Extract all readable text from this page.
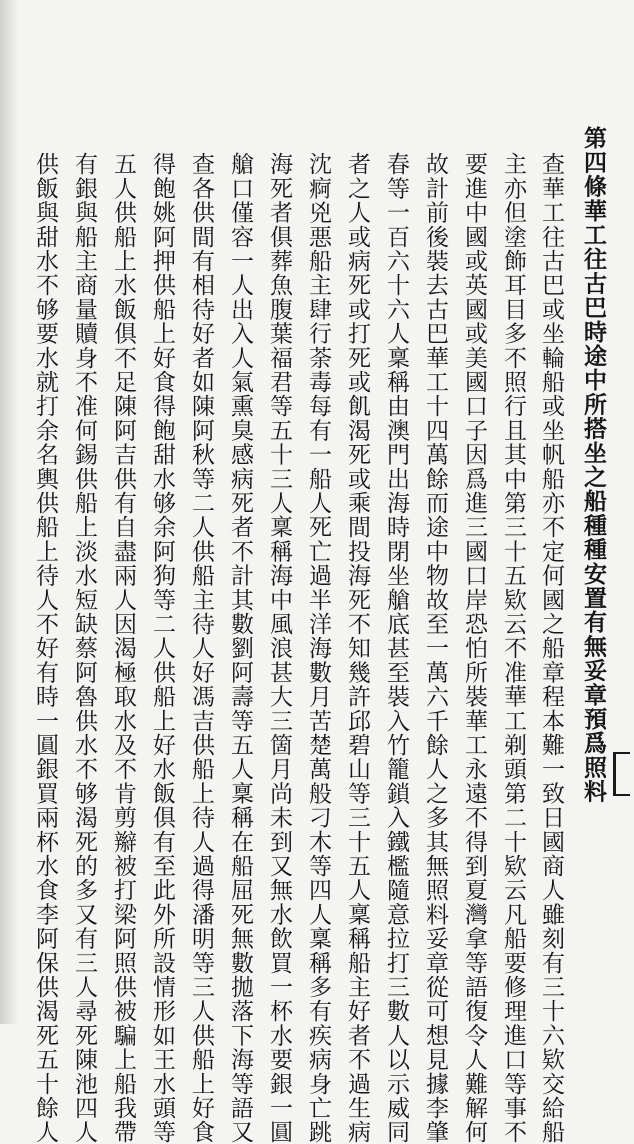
第四條華工往古巴時途中所搭坐之船種種安置有無妥章預爲照料
查華工往古巴或坐輪船或坐帆船亦不定何國之船章程本難一致日國商人雖刻有三十六欵交給船
主亦但塗飾耳目多不照行且其中第三十五欵云不准華工剃頭第二十欵云凡船要修理進口等事不
要進中國或英國或美國口子因爲進三國口岸恐怕所裝華工永遠不得到夏灣拿等語復令人難解何
故計前後裝去古巴華工十四萬餘而途中物故至一萬六千餘人之多其無照料妥章從可想見據李肇
春等一百六十六人稟稱由澳門出海時閉坐艙底甚至裝入竹籠鎖入鐵檻隨意拉打三數人以示威同
者之人或病死或打死或飢渴死或乘間投海死不知幾許邱碧山等三十五人稟稱船主好者不過生病
沈痾兇悪船主肆行荼毒每有一船人死亡過半洋海數月苦楚萬般刁木等四人稟稱多有疾病身亡跳
海死者俱葬魚腹葉福君等五十三人稟稱海中風浪甚大三箇月尚未到又無水飲買一杯水要銀一圓
艙口僅容一人出入人氣熏臭感病死者不計其數劉阿壽等五人稟稱在船屈死無數拋落下海等語又
查各供間有相待好者如陳阿秋等二人供船主待人好馮吉供船上待人過得潘明等三人供船上好食
得飽姚阿押供船上好食得飽甜水够余阿狗等二人供船上好水飯俱有至此外所設情形如王水頭等
五人供船上水飯俱不足陳阿吉供有自盡兩人因渴極取水及不肯剪辮被打梁阿照供被騙上船我帶
有銀與船主商量贖身不准何錫供船上淡水短缺蔡阿魯供水不够渴死的多又有三人尋死陳池四人
供飯與甜水不够要水就打余名輿供船上待人不好有時一圓銀買兩杯水食李阿保供渴死五十餘人
